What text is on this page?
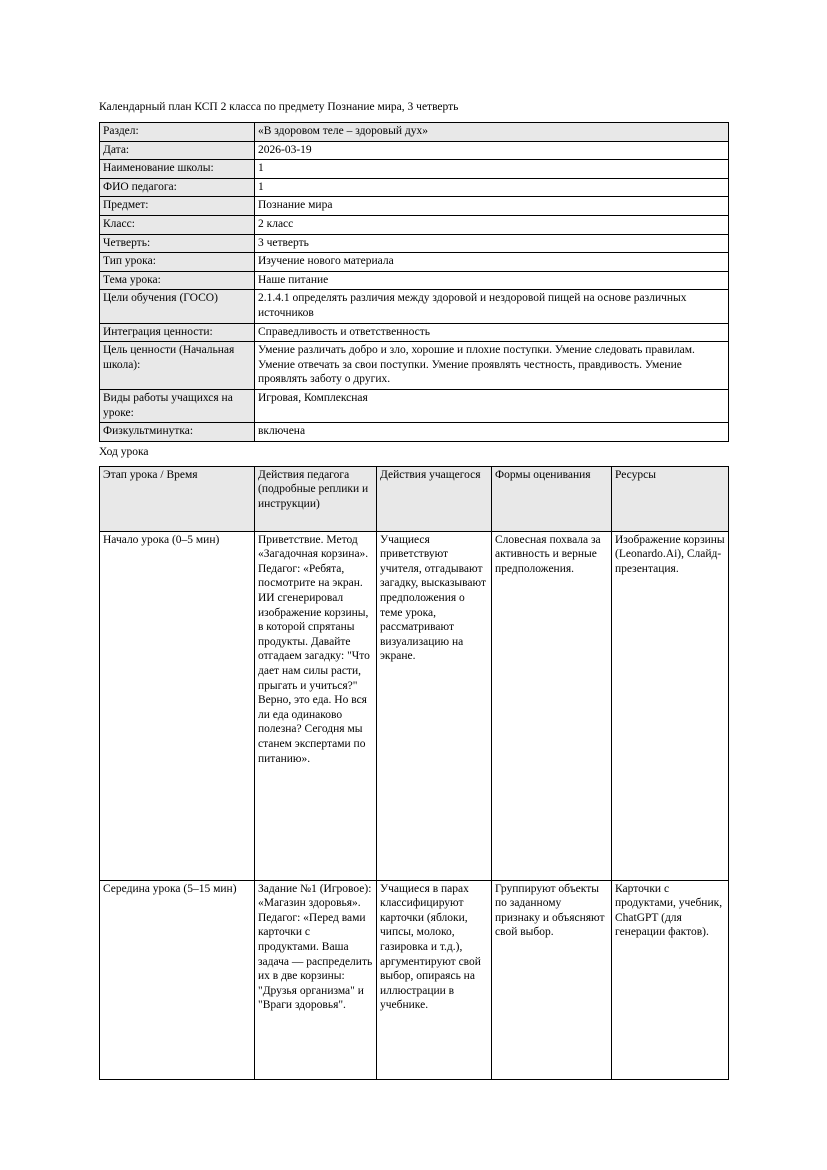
Календарный план КСП 2 класса по предмету Познание мира, 3 четверть
Раздел:	«В здоровом теле – здоровый дух»
Дата:	2026-03-19
Наименование школы:	1
ФИО педагога:	1
Предмет:	Познание мира
Класс:	2 класс
Четверть:	3 четверть
Тип урока:	Изучение нового материала
Тема урока:	Наше питание
Цели обучения (ГОСО)	2.1.4.1 определять различия между здоровой и нездоровой пищей на основе различных источников
Интеграция ценности:	Справедливость и ответственность
Цель ценности (Начальная школа):	Умение различать добро и зло, хорошие и плохие поступки. Умение следовать правилам. Умение отвечать за свои поступки. Умение проявлять честность, правдивость. Умение проявлять заботу о других.
Виды работы учащихся на уроке:	Игровая, Комплексная
Физкультминутка:	включена
Ход урока
Этап урока / Время	Действия педагога (подробные реплики и инструкции)	Действия учащегося	Формы оценивания	Ресурсы
Начало урока (0–5 мин)	Приветствие. Метод «Загадочная корзина». Педагог: «Ребята, посмотрите на экран. ИИ сгенерировал изображение корзины, в которой спрятаны продукты. Давайте отгадаем загадку: "Что дает нам силы расти, прыгать и учиться?" Верно, это еда. Но вся ли еда одинаково полезна? Сегодня мы станем экспертами по питанию».	Учащиеся приветствуют учителя, отгадывают загадку, высказывают предположения о теме урока, рассматривают визуализацию на экране.	Словесная похвала за активность и верные предположения.	Изображение корзины (Leonardo.Ai), Слайд-презентация.
Середина урока (5–15 мин)	Задание №1 (Игровое): «Магазин здоровья». Педагог: «Перед вами карточки с продуктами. Ваша задача — распределить их в две корзины: "Друзья организма" и "Враги здоровья".	Учащиеся в парах классифицируют карточки (яблоки, чипсы, молоко, газировка и т.д.), аргументируют свой выбор, опираясь на иллюстрации в учебнике.	Группируют объекты по заданному признаку и объясняют свой выбор.	Карточки с продуктами, учебник, ChatGPT (для генерации фактов).
